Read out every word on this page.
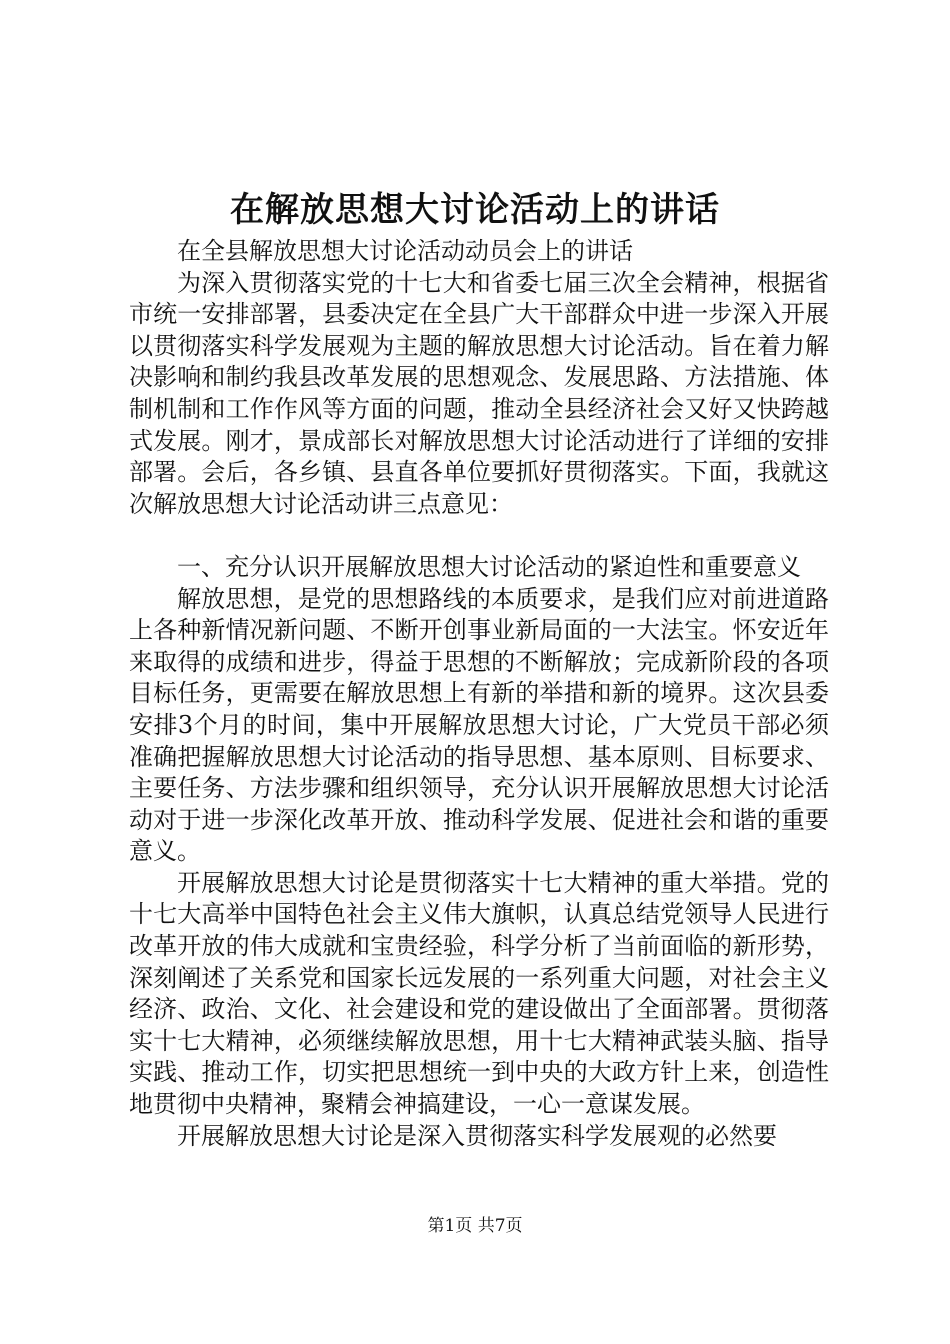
在解放思想大讨论活动上的讲话

在全县解放思想大讨论活动动员会上的讲话

为深入贯彻落实党的十七大和省委七届三次全会精神，根据省市统一安排部署，县委决定在全县广大干部群众中进一步深入开展以贯彻落实科学发展观为主题的解放思想大讨论活动。旨在着力解决影响和制约我县改革发展的思想观念、发展思路、方法措施、体制机制和工作作风等方面的问题，推动全县经济社会又好又快跨越式发展。刚才，景成部长对解放思想大讨论活动进行了详细的安排部署。会后，各乡镇、县直各单位要抓好贯彻落实。下面，我就这次解放思想大讨论活动讲三点意见：

一、充分认识开展解放思想大讨论活动的紧迫性和重要意义

解放思想，是党的思想路线的本质要求，是我们应对前进道路上各种新情况新问题、不断开创事业新局面的一大法宝。怀安近年来取得的成绩和进步，得益于思想的不断解放；完成新阶段的各项目标任务，更需要在解放思想上有新的举措和新的境界。这次县委安排3个月的时间，集中开展解放思想大讨论，广大党员干部必须准确把握解放思想大讨论活动的指导思想、基本原则、目标要求、主要任务、方法步骤和组织领导，充分认识开展解放思想大讨论活动对于进一步深化改革开放、推动科学发展、促进社会和谐的重要意义。

开展解放思想大讨论是贯彻落实十七大精神的重大举措。党的十七大高举中国特色社会主义伟大旗帜，认真总结党领导人民进行改革开放的伟大成就和宝贵经验，科学分析了当前面临的新形势，深刻阐述了关系党和国家长远发展的一系列重大问题，对社会主义经济、政治、文化、社会建设和党的建设做出了全面部署。贯彻落实十七大精神，必须继续解放思想，用十七大精神武装头脑、指导实践、推动工作，切实把思想统一到中央的大政方针上来，创造性地贯彻中央精神，聚精会神搞建设，一心一意谋发展。

开展解放思想大讨论是深入贯彻落实科学发展观的必然要

第1页 共7页
